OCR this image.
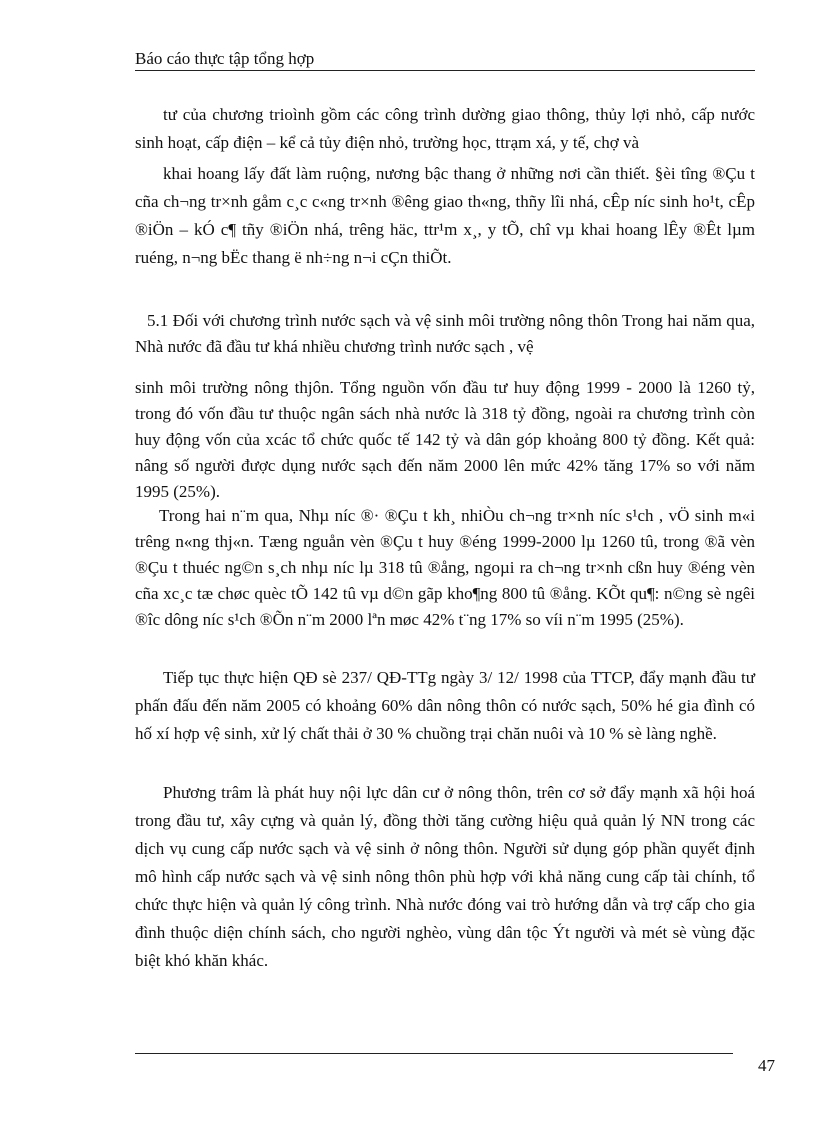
Báo cáo thực tập tổng hợp

tư của chương trioình gồm các công trình dường giao thông, thủy lợi nhỏ, cấp nước sinh hoạt, cấp điện – kể cả tủy điện nhỏ, trường học, ttrạm xá, y tế, chợ và

khai hoang lấy đất làm ruộng, nương bậc thang ở những nơi cần thiết. §èi tîng ®Çu t cña ch¬ng tr×nh gåm c¸c c«ng tr×nh ®êng giao th«ng, thñy lîi nhá, cÊp níc sinh ho¹t, cÊp ®iÖn – kÓ c¶ tñy ®iÖn nhá, trêng häc, ttr¹m x¸, y tÕ, chî vµ khai hoang lÊy ®Êt lµm ruéng, n¬ng bËc thang ë nh÷ng n¬i cÇn thiÕt.

5.1 Đối với chương trình nước sạch và vệ sinh môi trường nông thôn Trong hai năm qua, Nhà nước đã đầu tư khá nhiều chương trình nước sạch , vệ

sinh môi trường nông thjôn. Tổng nguồn vốn đầu tư huy động 1999 - 2000 là 1260 tỷ, trong đó vốn đầu tư thuộc ngân sách nhà nước là 318 tỷ đồng, ngoài ra chương trình còn huy động vốn của xcác tổ chức quốc tế 142 tỷ và dân góp khoảng 800 tỷ đồng. Kết quả: nâng số người được dụng nước sạch đến năm 2000 lên mức 42% tăng 17% so với năm 1995 (25%).

Trong hai n¨m qua, Nhµ níc ®· ®Çu t kh¸ nhiÒu ch¬ng tr×nh níc s¹ch , vÖ sinh m«i trêng n«ng thj«n. Tæng nguån vèn ®Çu t huy ®éng 1999-2000 lµ 1260 tû, trong ®ã vèn ®Çu t thuéc ng©n s¸ch nhµ níc lµ 318 tû ®ång, ngoµi ra ch¬ng tr×nh cßn huy ®éng vèn cña xc¸c tæ chøc quèc tÕ 142 tû vµ d©n gãp kho¶ng 800 tû ®ång. KÕt qu¶: n©ng sè ngêi ®îc dông níc s¹ch ®Õn n¨m 2000 lªn møc 42% t¨ng 17% so víi n¨m 1995 (25%).

Tiếp tục thực hiện QĐ sè 237/ QĐ-TTg ngày 3/ 12/ 1998 của TTCP, đẩy mạnh đầu tư phấn đấu đến năm 2005 có khoảng 60% dân nông thôn có nước sạch, 50% hé gia đình có hố xí hợp vệ sinh, xử lý chất thải ở 30 % chuồng trại chăn nuôi và 10 % sè làng nghề.

Phương trâm là phát huy nội lực dân cư ở nông thôn, trên cơ sở đẩy mạnh xã hội hoá trong đầu tư, xây cựng và quản lý, đồng thời tăng cường hiệu quả quản lý NN trong các dịch vụ cung cấp nước sạch và vệ sinh ở nông thôn. Người sử dụng góp phần quyết định mô hình cấp nước sạch và vệ sinh nông thôn phù hợp với khả năng cung cấp tài chính, tổ chức thực hiện và quản lý công trình. Nhà nước đóng vai trò hướng dẫn và trợ cấp cho gia đình thuộc diện chính sách, cho người nghèo, vùng dân tộc Ýt người và mét sè vùng đặc biệt khó khăn khác.

47
